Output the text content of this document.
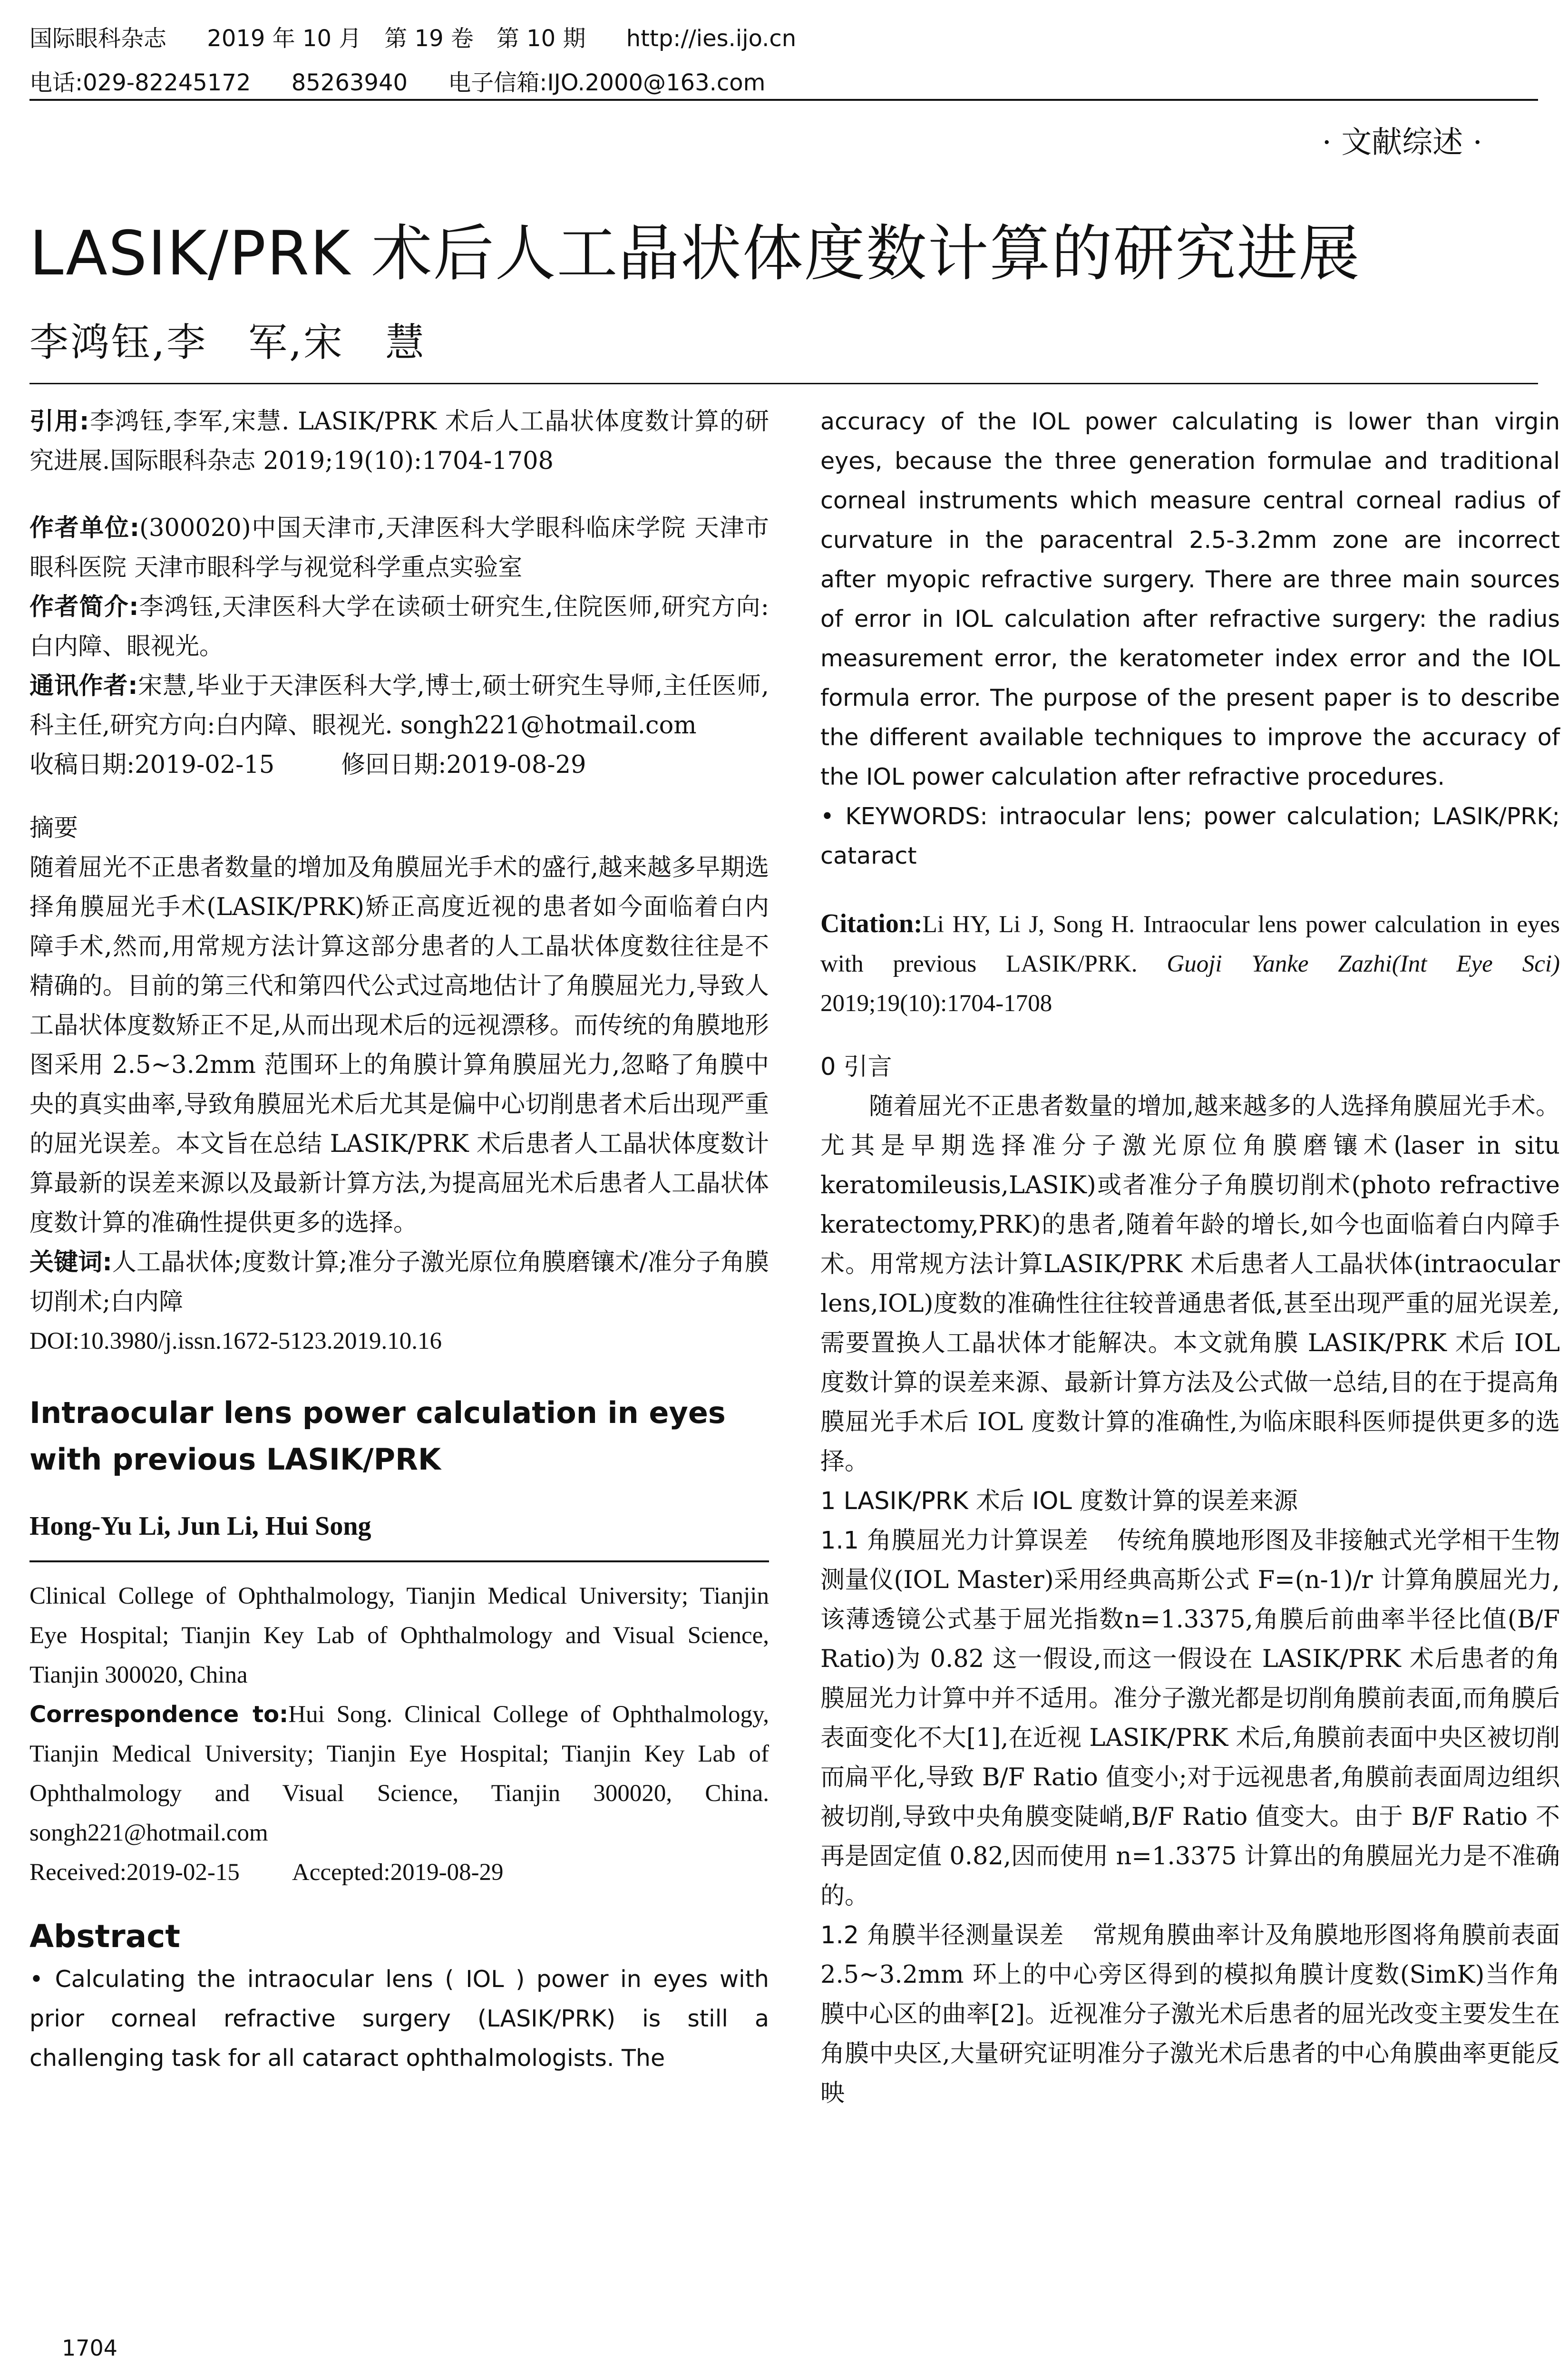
国际眼科杂志 2019 年 10 月　第 19 卷　第 10 期 http://ies.ijo.cn
电话:029-82245172 85263940 电子信箱:IJO.2000@163.com
· 文献综述 ·
LASIK/PRK 术后人工晶状体度数计算的研究进展
李鸿钰,李　军,宋　慧

引用:李鸿钰,李军,宋慧. LASIK/PRK 术后人工晶状体度数计算的研究进展.国际眼科杂志 2019;19(10):1704-1708

作者单位:(300020)中国天津市,天津医科大学眼科临床学院 天津市眼科医院 天津市眼科学与视觉科学重点实验室

作者简介:李鸿钰,天津医科大学在读硕士研究生,住院医师,研究方向:白内障、眼视光。

通讯作者:宋慧,毕业于天津医科大学,博士,硕士研究生导师,主任医师,科主任,研究方向:白内障、眼视光. songh221@hotmail.com

收稿日期:2019-02-15	修回日期:2019-08-29

摘要

随着屈光不正患者数量的增加及角膜屈光手术的盛行,越来越多早期选择角膜屈光手术(LASIK/PRK)矫正高度近视的患者如今面临着白内障手术,然而,用常规方法计算这部分患者的人工晶状体度数往往是不精确的。目前的第三代和第四代公式过高地估计了角膜屈光力,导致人工晶状体度数矫正不足,从而出现术后的远视漂移。而传统的角膜地形图采用 2.5~3.2mm 范围环上的角膜计算角膜屈光力,忽略了角膜中央的真实曲率,导致角膜屈光术后尤其是偏中心切削患者术后出现严重的屈光误差。本文旨在总结 LASIK/PRK 术后患者人工晶状体度数计算最新的误差来源以及最新计算方法,为提高屈光术后患者人工晶状体度数计算的准确性提供更多的选择。

关键词:人工晶状体;度数计算;准分子激光原位角膜磨镶术/准分子角膜切削术;白内障

DOI:10.3980/j.issn.1672-5123.2019.10.16

Intraocular lens power calculation in eyes with previous LASIK/PRK

Hong-Yu Li, Jun Li, Hui Song

Clinical College of Ophthalmology, Tianjin Medical University; Tianjin Eye Hospital; Tianjin Key Lab of Ophthalmology and Visual Science, Tianjin 300020, China

Correspondence to:Hui Song. Clinical College of Ophthalmology, Tianjin Medical University; Tianjin Eye Hospital; Tianjin Key Lab of Ophthalmology and Visual Science, Tianjin 300020, China. songh221@hotmail.com

Received:2019-02-15 Accepted:2019-08-29

Abstract

• Calculating the intraocular lens ( IOL ) power in eyes with prior corneal refractive surgery (LASIK/PRK) is still a challenging task for all cataract ophthalmologists. The

accuracy of the IOL power calculating is lower than virgin eyes, because the three generation formulae and traditional corneal instruments which measure central corneal radius of curvature in the paracentral 2.5-3.2mm zone are incorrect after myopic refractive surgery. There are three main sources of error in IOL calculation after refractive surgery: the radius measurement error, the keratometer index error and the IOL formula error. The purpose of the present paper is to describe the different available techniques to improve the accuracy of the IOL power calculation after refractive procedures.

• KEYWORDS: intraocular lens; power calculation; LASIK/PRK; cataract

Citation:Li HY, Li J, Song H. Intraocular lens power calculation in eyes with previous LASIK/PRK. Guoji Yanke Zazhi(Int Eye Sci) 2019;19(10):1704-1708

0 引言

随着屈光不正患者数量的增加,越来越多的人选择角膜屈光手术。尤其是早期选择准分子激光原位角膜磨镶术(laser in situ keratomileusis,LASIK)或者准分子角膜切削术(photo refractive keratectomy,PRK)的患者,随着年龄的增长,如今也面临着白内障手术。用常规方法计算LASIK/PRK 术后患者人工晶状体(intraocular lens,IOL)度数的准确性往往较普通患者低,甚至出现严重的屈光误差,需要置换人工晶状体才能解决。本文就角膜 LASIK/PRK 术后 IOL 度数计算的误差来源、最新计算方法及公式做一总结,目的在于提高角膜屈光手术后 IOL 度数计算的准确性,为临床眼科医师提供更多的选择。

1 LASIK/PRK 术后 IOL 度数计算的误差来源

1.1 角膜屈光力计算误差 传统角膜地形图及非接触式光学相干生物测量仪(IOL Master)采用经典高斯公式 F=(n-1)/r 计算角膜屈光力,该薄透镜公式基于屈光指数n=1.3375,角膜后前曲率半径比值(B/F Ratio)为 0.82 这一假设,而这一假设在 LASIK/PRK 术后患者的角膜屈光力计算中并不适用。准分子激光都是切削角膜前表面,而角膜后表面变化不大[1],在近视 LASIK/PRK 术后,角膜前表面中央区被切削而扁平化,导致 B/F Ratio 值变小;对于远视患者,角膜前表面周边组织被切削,导致中央角膜变陡峭,B/F Ratio 值变大。由于 B/F Ratio 不再是固定值 0.82,因而使用 n=1.3375 计算出的角膜屈光力是不准确的。

1.2 角膜半径测量误差 常规角膜曲率计及角膜地形图将角膜前表面 2.5~3.2mm 环上的中心旁区得到的模拟角膜计度数(SimK)当作角膜中心区的曲率[2]。近视准分子激光术后患者的屈光改变主要发生在角膜中央区,大量研究证明准分子激光术后患者的中心角膜曲率更能反映

1704
